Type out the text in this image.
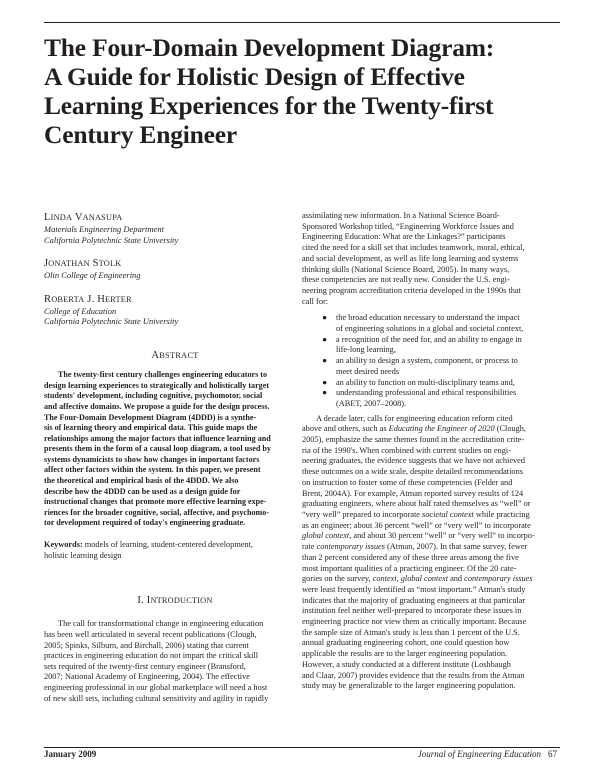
The Four-Domain Development Diagram:
A Guide for Holistic Design of Effective
Learning Experiences for the Twenty-first
Century Engineer
LINDA VANASUPA
Materials Engineering Department
California Polytechnic State University
JONATHAN STOLK
Olin College of Engineering
ROBERTA J. HERTER
College of Education
California Polytechnic State University
ABSTRACT

The twenty-first century challenges engineering educators to
design learning experiences to strategically and holistically target
students' development, including cognitive, psychomotor, social
and affective domains. We propose a guide for the design process.
The Four-Domain Development Diagram (4DDD) is a synthe-
sis of learning theory and empirical data. This guide maps the
relationships among the major factors that influence learning and
presents them in the form of a causal loop diagram, a tool used by
systems dynamicists to show how changes in important factors
affect other factors within the system. In this paper, we present
the theoretical and empirical basis of the 4DDD. We also
describe how the 4DDD can be used as a design guide for
instructional changes that promote more effective learning expe-
riences for the broader cognitive, social, affective, and psychomo-
tor development required of today's engineering graduate.

Keywords: models of learning, student-centered development,
holistic learning design

I. INTRODUCTION

The call for transformational change in engineering education
has been well articulated in several recent publications (Clough,
2005; Spinks, Silburn, and Birchall, 2006) stating that current
practices in engineering education do not impart the critical skill
sets required of the twenty-first century engineer (Bransford,
2007; National Academy of Engineering, 2004). The effective
engineering professional in our global marketplace will need a host
of new skill sets, including cultural sensitivity and agility in rapidly

assimilating new information. In a National Science Board-
Sponsored Workshop titled, “Engineering Workforce Issues and
Engineering Education: What are the Linkages?” participants
cited the need for a skill set that includes teamwork, moral, ethical,
and social development, as well as life long learning and systems
thinking skills (National Science Board, 2005). In many ways,
these competencies are not really new. Consider the U.S. engi-
neering program accreditation criteria developed in the 1990s that
call for:
● the broad education necessary to understand the impact
of engineering solutions in a global and societal context,
● a recognition of the need for, and an ability to engage in
life-long learning,
● an ability to design a system, component, or process to
meet desired needs
● an ability to function on multi-disciplinary teams and,
● understanding professional and ethical responsibilities
(ABET, 2007–2008).
A decade later, calls for engineering education reform cited
above and others, such as Educating the Engineer of 2020 (Clough,
2005), emphasize the same themes found in the accreditation crite-
ria of the 1990's. When combined with current studies on engi-
neering graduates, the evidence suggests that we have not achieved
these outcomes on a wide scale, despite detailed recommendations
on instruction to foster some of these competencies (Felder and
Brent, 2004A). For example, Atman reported survey results of 124
graduating engineers, where about half rated themselves as “well” or
“very well” prepared to incorporate societal context while practicing
as an engineer; about 36 percent “well” or “very well” to incorporate
global context, and about 30 percent “well” or “very well” to incorpo-
rate contemporary issues (Atman, 2007). In that same survey, fewer
than 2 percent considered any of these three areas among the five
most important qualities of a practicing engineer. Of the 20 cate-
gories on the survey, context, global context and contemporary issues
were least frequently identified as “most important.” Atman's study
indicates that the majority of graduating engineers at that particular
institution feel neither well-prepared to incorporate these issues in
engineering practice nor view them as critically important. Because
the sample size of Atman's study is less than 1 percent of the U.S.
annual graduating engineering cohort, one could question how
applicable the results are to the larger engineering population.
However, a study conducted at a different institute (Loshbaugh
and Claar, 2007) provides evidence that the results from the Atman
study may be generalizable to the larger engineering population.
January 2009	Journal of Engineering Education 67
